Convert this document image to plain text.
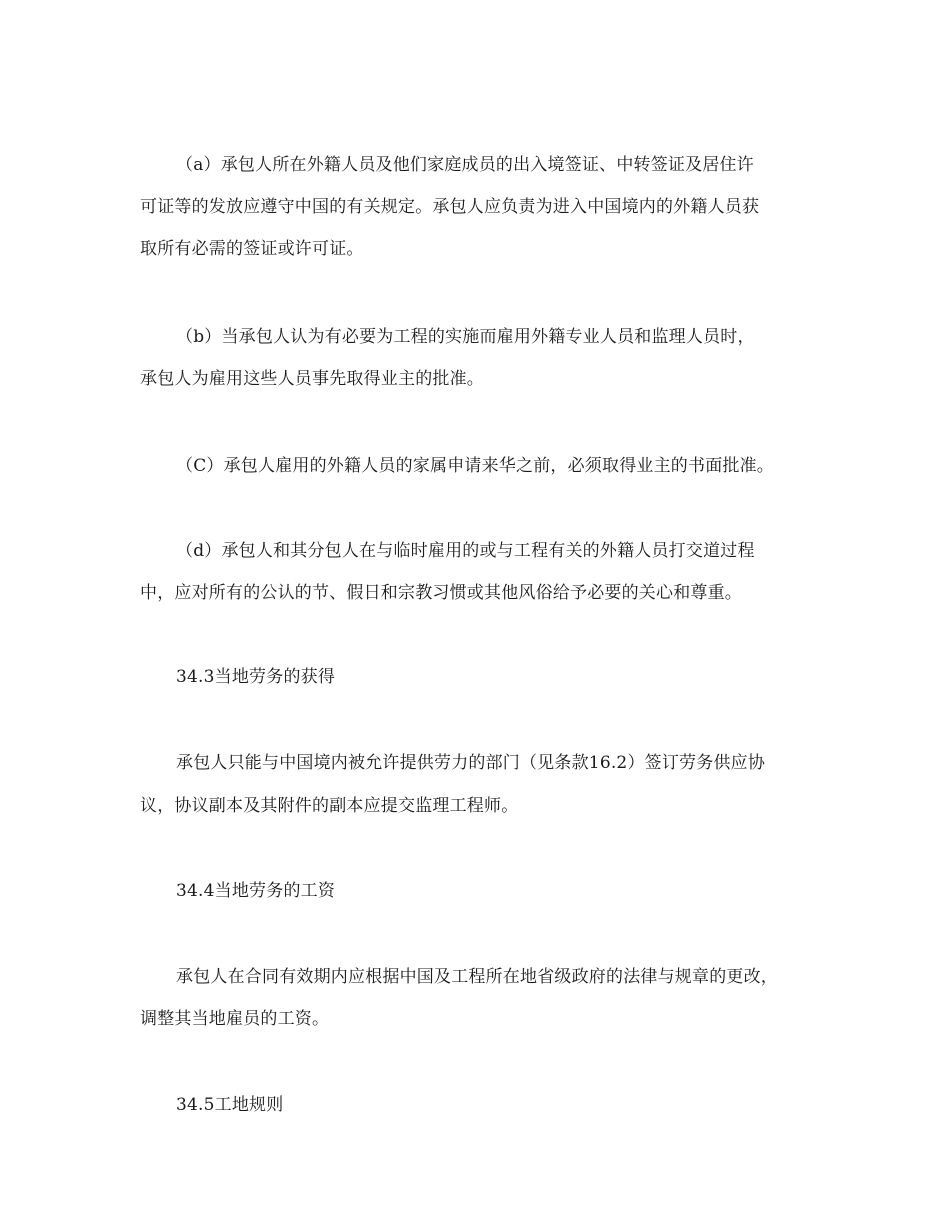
（a）承包人所在外籍人员及他们家庭成员的出入境签证、中转签证及居住许
可证等的发放应遵守中国的有关规定。承包人应负责为进入中国境内的外籍人员获
取所有必需的签证或许可证。
（b）当承包人认为有必要为工程的实施而雇用外籍专业人员和监理人员时，
承包人为雇用这些人员事先取得业主的批准。
（C）承包人雇用的外籍人员的家属申请来华之前，必须取得业主的书面批准。
（d）承包人和其分包人在与临时雇用的或与工程有关的外籍人员打交道过程
中，应对所有的公认的节、假日和宗教习惯或其他风俗给予必要的关心和尊重。
34.3当地劳务的获得
承包人只能与中国境内被允许提供劳力的部门（见条款16.2）签订劳务供应协
议，协议副本及其附件的副本应提交监理工程师。
34.4当地劳务的工资
承包人在合同有效期内应根据中国及工程所在地省级政府的法律与规章的更改，
调整其当地雇员的工资。
34.5工地规则
